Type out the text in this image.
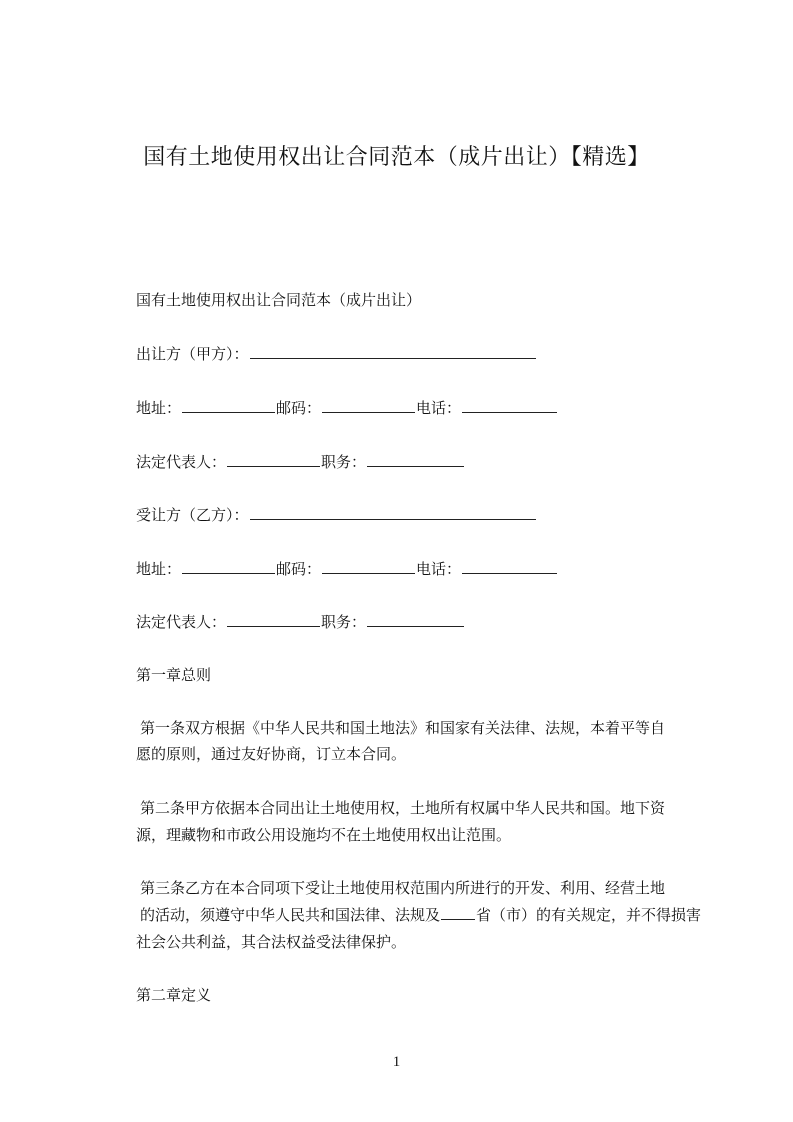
国有土地使用权出让合同范本（成片出让）【精选】
国有土地使用权出让合同范本（成片出让）
出让方（甲方）：
地址：	邮码：	电话：
法定代表人：	职务：
受让方（乙方）：
地址：	邮码：	电话：
法定代表人：	职务：
第一章总则
第一条双方根据《中华人民共和国土地法》和国家有关法律、法规，本着平等自
愿的原则，通过友好协商，订立本合同。
第二条甲方依据本合同出让土地使用权，土地所有权属中华人民共和国。地下资
源，理藏物和市政公用设施均不在土地使用权出让范围。
第三条乙方在本合同项下受让土地使用权范围内所进行的开发、利用、经营土地
的活动，须遵守中华人民共和国法律、法规及 省（市）的有关规定，并不得损害
社会公共利益，其合法权益受法律保护。
第二章定义
1
